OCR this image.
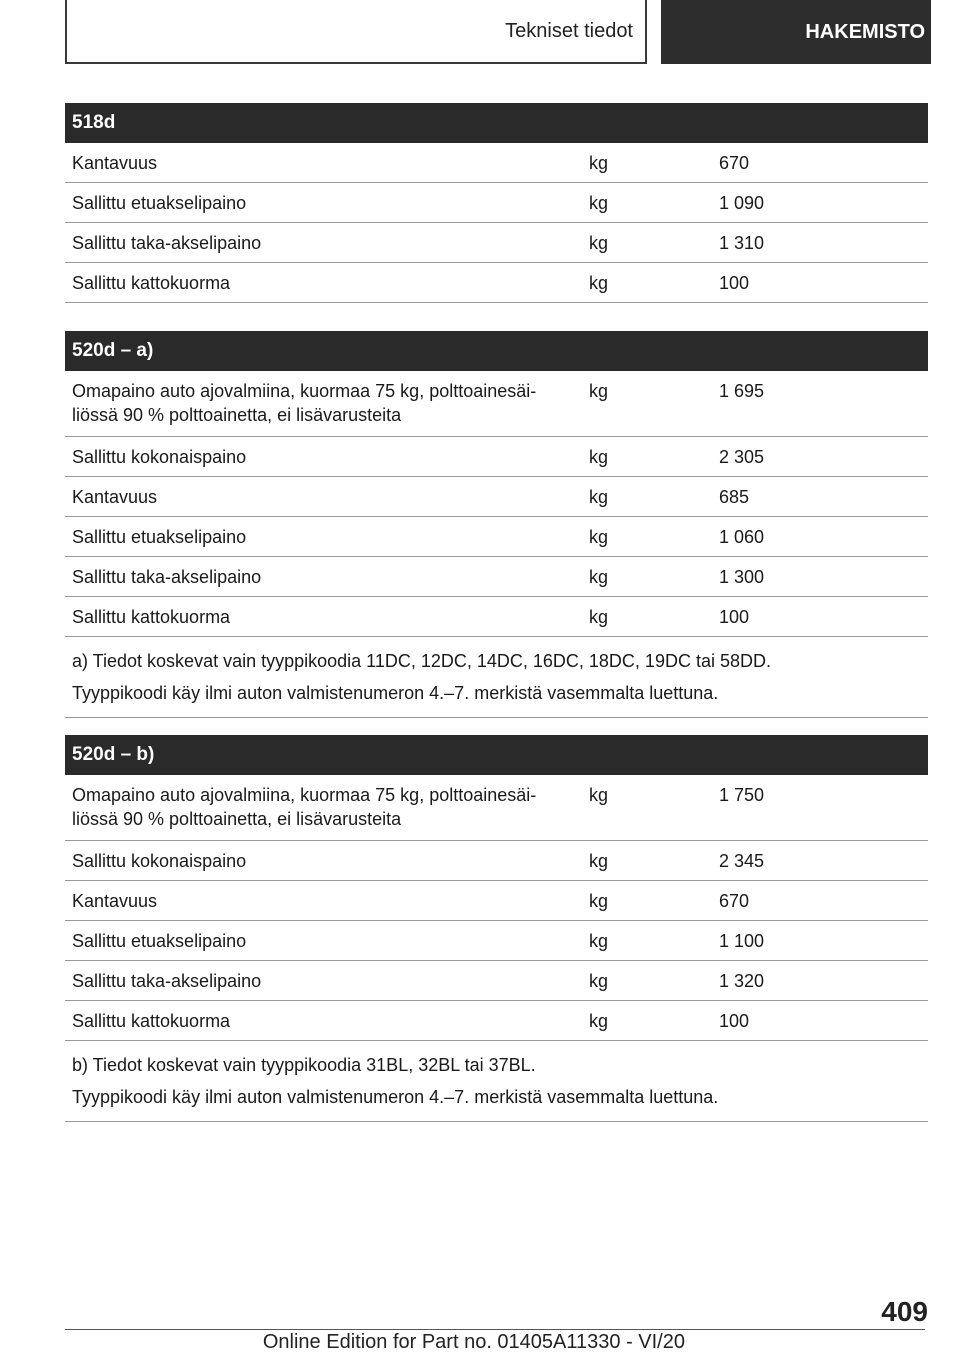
Tekniset tiedot	HAKEMISTO
518d
Kantavuus	kg	670
Sallittu etuakselipaino	kg	1 090
Sallittu taka-akselipaino	kg	1 310
Sallittu kattokuorma	kg	100
520d – a)
Omapaino auto ajovalmiina, kuormaa 75 kg, polttoainesäi-
liössä 90 % polttoainetta, ei lisävarusteita
kg	1 695
Sallittu kokonaispaino	kg	2 305
Kantavuus	kg	685
Sallittu etuakselipaino	kg	1 060
Sallittu taka-akselipaino	kg	1 300
Sallittu kattokuorma	kg	100
a) Tiedot koskevat vain tyyppikoodia 11DC, 12DC, 14DC, 16DC, 18DC, 19DC tai 58DD.
Tyyppikoodi käy ilmi auton valmistenumeron 4.–7. merkistä vasemmalta luettuna.
520d – b)
Omapaino auto ajovalmiina, kuormaa 75 kg, polttoainesäi-
liössä 90 % polttoainetta, ei lisävarusteita
kg	1 750
Sallittu kokonaispaino	kg	2 345
Kantavuus	kg	670
Sallittu etuakselipaino	kg	1 100
Sallittu taka-akselipaino	kg	1 320
Sallittu kattokuorma	kg	100
b) Tiedot koskevat vain tyyppikoodia 31BL, 32BL tai 37BL.
Tyyppikoodi käy ilmi auton valmistenumeron 4.–7. merkistä vasemmalta luettuna.
409
Online Edition for Part no. 01405A11330 - VI/20
